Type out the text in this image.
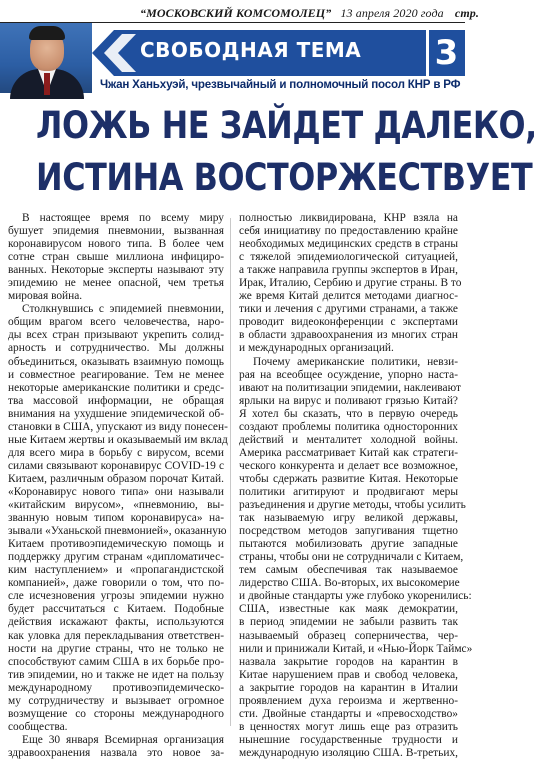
“МОСКОВСКИЙ КОМСОМОЛЕЦ” 13 апреля 2020 года стр.
СВОБОДНАЯ ТЕМА	3
Чжан Ханьхуэй, чрезвычайный и полномочный посол КНР в РФ
ЛОЖЬ НЕ ЗАЙДЕТ ДАЛЕКО,
ИСТИНА ВОСТОРЖЕСТВУЕТ
В настоящее время по всему миру
бушует эпидемия пневмонии, вызванная
коронавирусом нового типа. В более чем
сотне стран свыше миллиона инфициро-
ванных. Некоторые эксперты называют эту
эпидемию не менее опасной, чем третья
мировая война.
Столкнувшись с эпидемией пневмонии,
общим врагом всего человечества, наро-
ды всех стран призывают укрепить солид-
арность и сотрудничество. Мы должны
объединиться, оказывать взаимную помощь
и совместное реагирование. Тем не менее
некоторые американские политики и средс-
тва массовой информации, не обращая
внимания на ухудшение эпидемической об-
становки в США, упускают из виду понесен-
ные Китаем жертвы и оказываемый им вклад
для всего мира в борьбу с вирусом, всеми
силами связывают коронавирус COVID-19 с
Китаем, различным образом порочат Китай.
«Коронавирус нового типа» они называли
«китайским вирусом», «пневмонию, вы-
званную новым типом коронавируса» на-
зывали «Уханьской пневмонией», оказанную
Китаем противоэпидемическую помощь и
поддержку другим странам «дипломатичес-
ким наступлением» и «пропагандистской
компанией», даже говорили о том, что по-
сле исчезновения угрозы эпидемии нужно
будет рассчитаться с Китаем. Подобные
действия искажают факты, используются
как уловка для перекладывания ответствен-
ности на другие страны, что не только не
способствуют самим США в их борьбе про-
тив эпидемии, но и также не идет на пользу
международному противоэпидемическо-
му сотрудничеству и вызывает огромное
возмущение со стороны международного
сообщества.
Еще 30 января Всемирная организация
здравоохранения назвала это новое за-
полностью ликвидирована, КНР взяла на
себя инициативу по предоставлению крайне
необходимых медицинских средств в страны
с тяжелой эпидемиологической ситуацией,
а также направила группы экспертов в Иран,
Ирак, Италию, Сербию и другие страны. В то
же время Китай делится методами диагнос-
тики и лечения с другими странами, а также
проводит видеоконференции с экспертами
в области здравоохранения из многих стран
и международных организаций.
Почему американские политики, невзи-
рая на всеобщее осуждение, упорно наста-
ивают на политизации эпидемии, наклеивают
ярлыки на вирус и поливают грязью Китай?
Я хотел бы сказать, что в первую очередь
создают проблемы политика односторонних
действий и менталитет холодной войны.
Америка рассматривает Китай как стратеги-
ческого конкурента и делает все возможное,
чтобы сдержать развитие Китая. Некоторые
политики агитируют и продвигают меры
разъединения и другие методы, чтобы усилить
так называемую игру великой державы,
посредством методов запугивания тщетно
пытаются мобилизовать другие западные
страны, чтобы они не сотрудничали с Китаем,
тем самым обеспечивая так называемое
лидерство США. Во-вторых, их высокомерие
и двойные стандарты уже глубоко укоренились:
США, известные как маяк демократии,
в период эпидемии не забыли развить так
называемый образец соперничества, чер-
нили и принижали Китай, и «Нью-Йорк Таймс»
назвала закрытие городов на карантин в
Китае нарушением прав и свобод человека,
а закрытие городов на карантин в Италии
проявлением духа героизма и жертвенно-
сти. Двойные стандарты и «превосходство»
в ценностях могут лишь еще раз отразить
нынешние государственные трудности и
международную изоляцию США. В-третьих,
